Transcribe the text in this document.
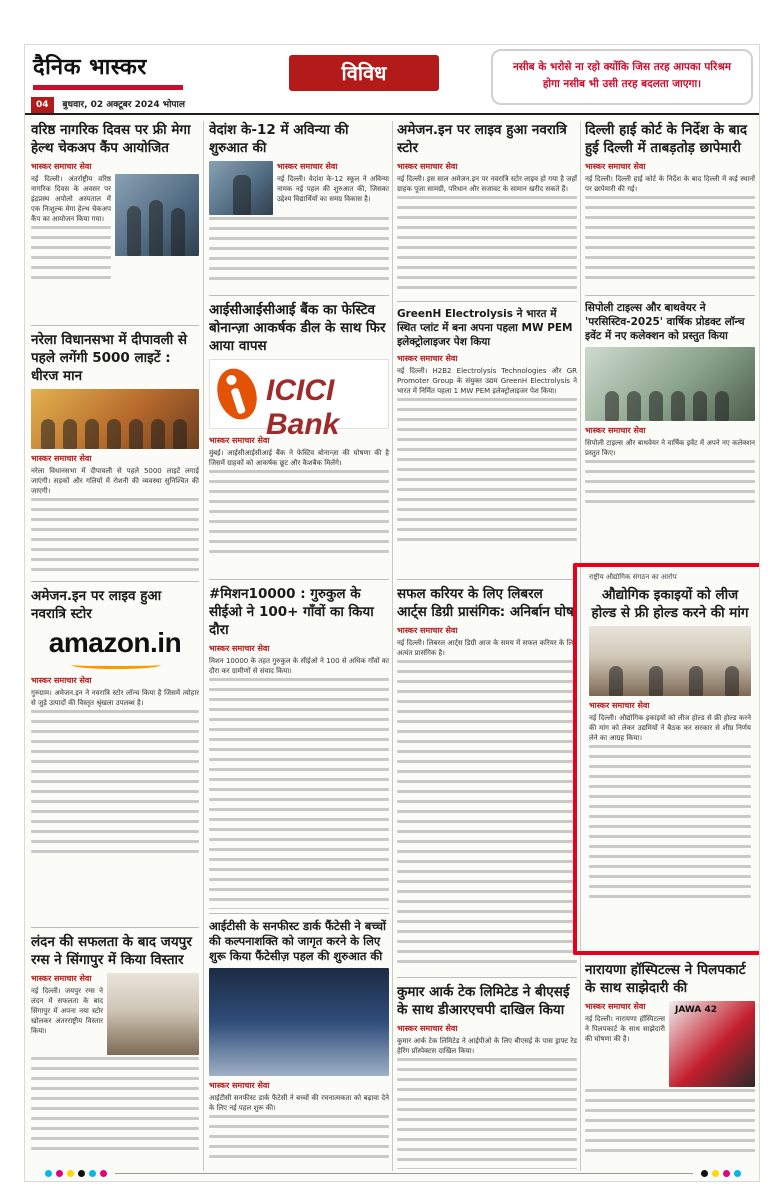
दैनिक भास्कर	विविध	नसीब के भरोसे ना रहो क्योंकि जिस तरह आपका परिश्रम होगा नसीब भी उसी तरह बदलता जाएगा।
04 बुधवार, 02 अक्टूबर 2024 भोपाल
वरिष्ठ नागरिक दिवस पर फ्री मेगा हेल्थ चेकअप कैंप आयोजित
भास्कर समाचार सेवा
नई दिल्ली। अंतर्राष्ट्रीय वरिष्ठ नागरिक दिवस के अवसर पर इंद्रप्रस्थ अपोलो अस्पताल में एक निःशुल्क मेगा हेल्थ चेकअप कैंप का आयोजन किया गया।
नरेला विधानसभा में दीपावली से पहले लगेंगी 5000 लाइटें : धीरज मान
भास्कर समाचार सेवा
नरेला विधानसभा में दीपावली से पहले 5000 लाइटें लगाई जाएंगी। सड़कों और गलियों में रोशनी की व्यवस्था सुनिश्चित की जाएगी।
अमेजन.इन पर लाइव हुआ नवरात्रि स्टोर
amazon.in
भास्कर समाचार सेवा
गुरुग्राम। अमेजन.इन ने नवरात्रि स्टोर लॉन्च किया है जिसमें त्योहार से जुड़े उत्पादों की विस्तृत श्रृंखला उपलब्ध है।
लंदन की सफलता के बाद जयपुर रग्स ने सिंगापुर में किया विस्तार
भास्कर समाचार सेवा
नई दिल्ली। जयपुर रग्स ने लंदन में सफलता के बाद सिंगापुर में अपना नया स्टोर खोलकर अंतरराष्ट्रीय विस्तार किया।
वेदांश के-12 में अविन्या की शुरुआत की
भास्कर समाचार सेवा
नई दिल्ली। वेदांश के-12 स्कूल ने अविन्या नामक नई पहल की शुरुआत की, जिसका उद्देश्य विद्यार्थियों का समग्र विकास है।
आईसीआईसीआई बैंक का फेस्टिव बोनान्ज़ा आकर्षक डील के साथ फिर आया वापस
ICICI Bank
भास्कर समाचार सेवा
मुंबई। आईसीआईसीआई बैंक ने फेस्टिव बोनान्ज़ा की घोषणा की है जिसमें ग्राहकों को आकर्षक छूट और कैशबैक मिलेंगे।
#मिशन10000 : गुरुकुल के सीईओ ने 100+ गाँवों का किया दौरा
भास्कर समाचार सेवा
मिशन 10000 के तहत गुरुकुल के सीईओ ने 100 से अधिक गाँवों का दौरा कर ग्रामीणों से संवाद किया।
आईटीसी के सनफीस्ट डार्क फैंटेसी ने बच्चों की कल्पनाशक्ति को जागृत करने के लिए शुरू किया फैंटेसीज़ पहल की शुरुआत की
भास्कर समाचार सेवा
आईटीसी सनफीस्ट डार्क फैंटेसी ने बच्चों की रचनात्मकता को बढ़ावा देने के लिए नई पहल शुरू की।
अमेजन.इन पर लाइव हुआ नवरात्रि स्टोर
भास्कर समाचार सेवा
नई दिल्ली। इस साल अमेजन.इन पर नवरात्रि स्टोर लाइव हो गया है जहाँ ग्राहक पूजा सामग्री, परिधान और सजावट के सामान खरीद सकते हैं।
GreenH Electrolysis ने भारत में स्थित प्लांट में बना अपना पहला MW PEM इलेक्ट्रोलाइजर पेश किया
भास्कर समाचार सेवा
नई दिल्ली। H2B2 Electrolysis Technologies और GR Promoter Group के संयुक्त उद्यम GreenH Electrolysis ने भारत में निर्मित पहला 1 MW PEM इलेक्ट्रोलाइजर पेश किया।
सफल करियर के लिए लिबरल आर्ट्स डिग्री प्रासंगिक: अनिर्बान घोष
भास्कर समाचार सेवा
नई दिल्ली। लिबरल आर्ट्स डिग्री आज के समय में सफल करियर के लिए अत्यंत प्रासंगिक है।
कुमार आर्क टेक लिमिटेड ने बीएसई के साथ डीआरएचपी दाखिल किया
भास्कर समाचार सेवा
कुमार आर्क टेक लिमिटेड ने आईपीओ के लिए बीएसई के पास ड्राफ्ट रेड हेरिंग प्रॉस्पेक्टस दाखिल किया।
दिल्ली हाई कोर्ट के निर्देश के बाद हुई दिल्ली में ताबड़तोड़ छापेमारी
भास्कर समाचार सेवा
नई दिल्ली। दिल्ली हाई कोर्ट के निर्देश के बाद दिल्ली में कई स्थानों पर छापेमारी की गई।
सिपोली टाइल्स और बाथवेयर ने 'परसिस्टिव-2025' वार्षिक प्रोडक्ट लॉन्च इवेंट में नए कलेक्शन को प्रस्तुत किया
भास्कर समाचार सेवा
सिपोली टाइल्स और बाथवेयर ने वार्षिक इवेंट में अपने नए कलेक्शन प्रस्तुत किए।
राष्ट्रीय औद्योगिक संगठन का आरोप
औद्योगिक इकाइयों को लीज होल्ड से फ्री होल्ड करने की मांग
भास्कर समाचार सेवा
नई दिल्ली। औद्योगिक इकाइयों को लीज होल्ड से फ्री होल्ड करने की मांग को लेकर उद्यमियों ने बैठक कर सरकार से शीघ्र निर्णय लेने का आग्रह किया।
नारायणा हॉस्पिटल्स ने पिलपकार्ट के साथ साझेदारी की
भास्कर समाचार सेवा
नई दिल्ली। नारायणा हॉस्पिटल्स ने पिलपकार्ट के साथ साझेदारी की घोषणा की है।
JAWA 42
